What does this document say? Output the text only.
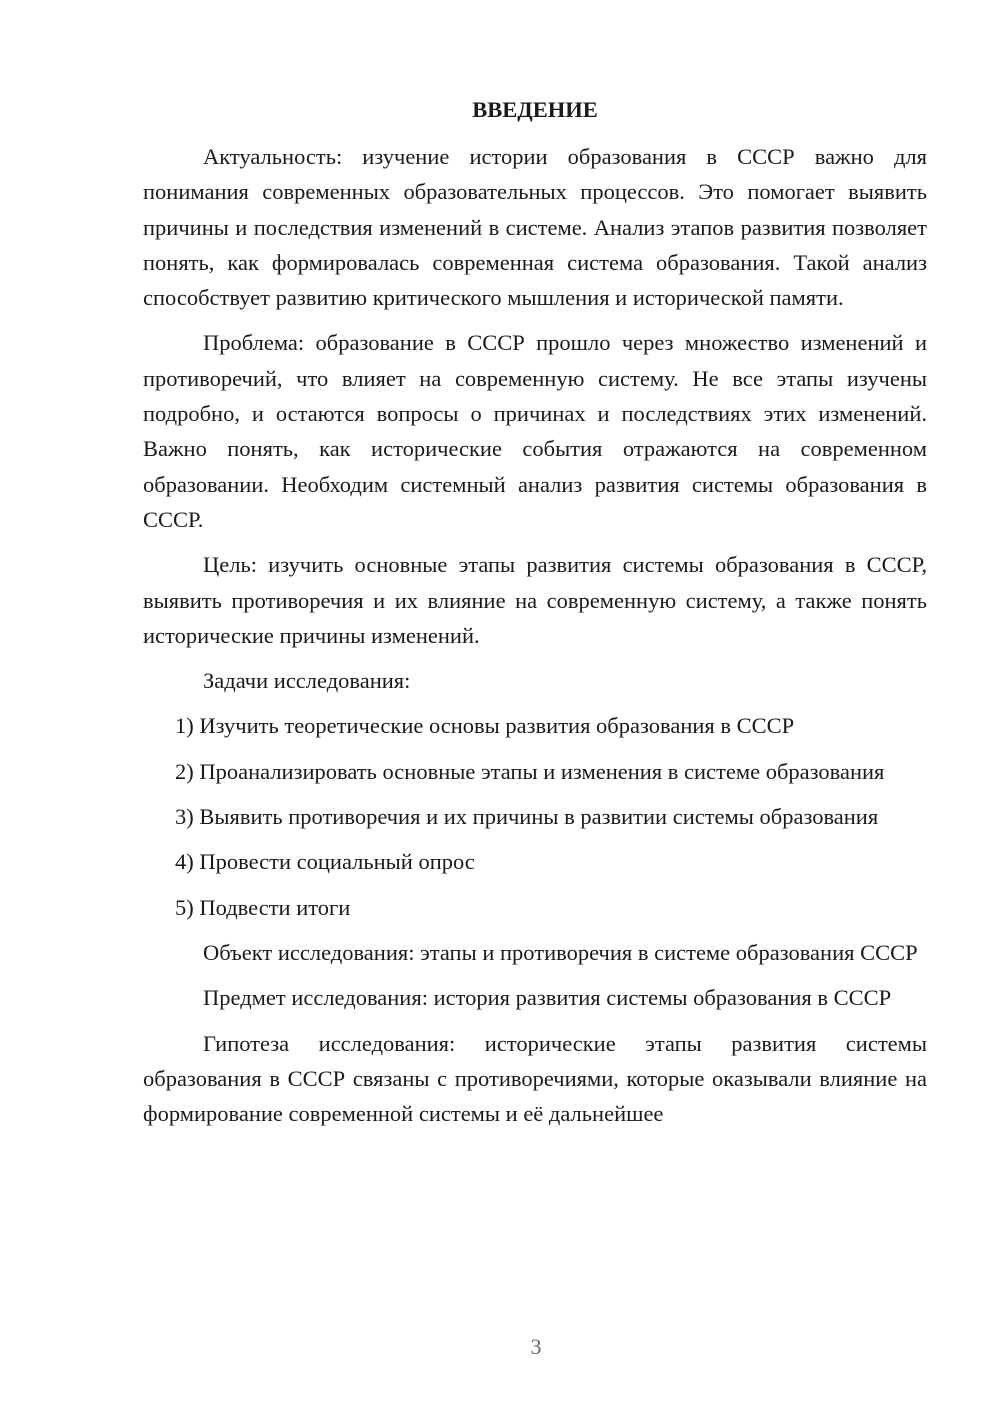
ВВЕДЕНИЕ

Актуальность: изучение истории образования в СССР важно для понимания современных образовательных процессов. Это помогает выявить причины и последствия изменений в системе. Анализ этапов развития позволяет понять, как формировалась современная система образования. Такой анализ способствует развитию критического мышления и исторической памяти.

Проблема: образование в СССР прошло через множество изменений и противоречий, что влияет на современную систему. Не все этапы изучены подробно, и остаются вопросы о причинах и последствиях этих изменений. Важно понять, как исторические события отражаются на современном образовании. Необходим системный анализ развития системы образования в СССР.

Цель: изучить основные этапы развития системы образования в СССР, выявить противоречия и их влияние на современную систему, а также понять исторические причины изменений.

Задачи исследования:

1) Изучить теоретические основы развития образования в СССР

2) Проанализировать основные этапы и изменения в системе образования

3) Выявить противоречия и их причины в развитии системы образования

4) Провести социальный опрос

5) Подвести итоги

Объект исследования: этапы и противоречия в системе образования СССР

Предмет исследования: история развития системы образования в СССР

Гипотеза исследования: исторические этапы развития системы образования в СССР связаны с противоречиями, которые оказывали влияние на формирование современной системы и её дальнейшее

3
